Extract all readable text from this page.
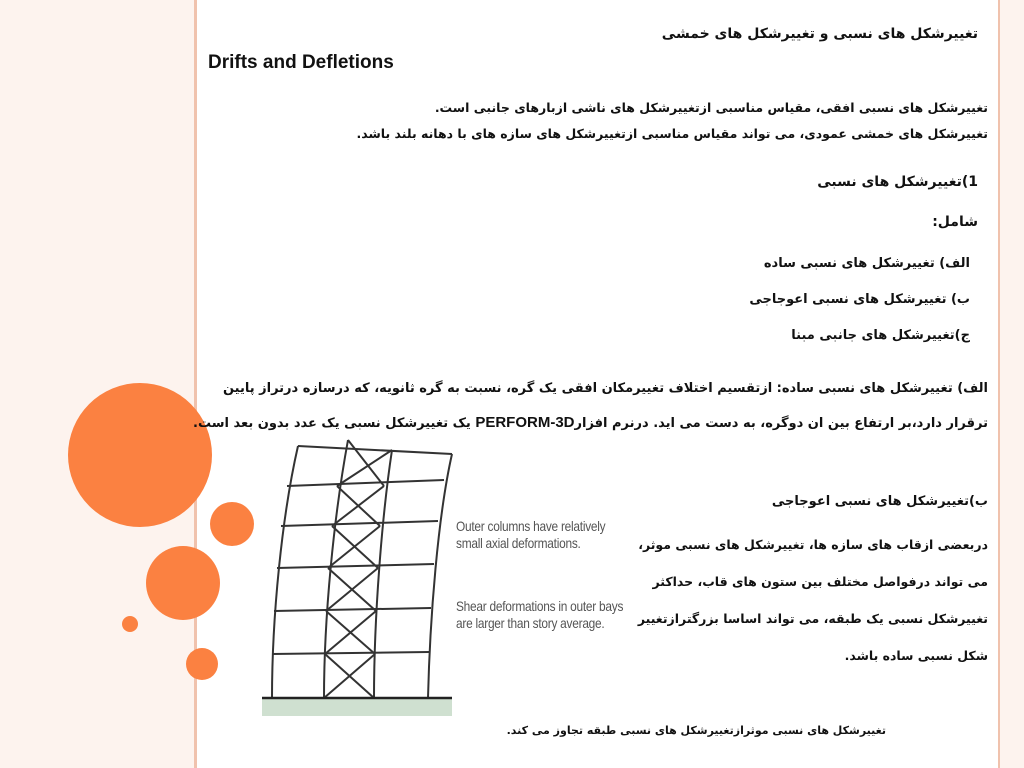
تغییرشکل های نسبی و تغییرشکل های خمشی
Drifts and Defletions
تغییرشکل های نسبی افقی، مقیاس مناسبی ازتغییرشکل های ناشی ازبارهای جانبی است.
تغییرشکل های خمشی عمودی، می تواند مقیاس مناسبی ازتغییرشکل های سازه های با دهانه بلند باشد.
1)تغییرشکل های نسبی
شامل:
الف) تغییرشکل های نسبی ساده
ب) تغییرشکل های نسبی اعوجاجی
ج)تغییرشکل های جانبی مبنا
الف) تغییرشکل های نسبی ساده: ازتقسیم اختلاف تغییرمکان افقی یک گره، نسبت به گره ثانویه، که درسازه درتراز پایین ترقرار دارد،بر ارتفاع بین ان دوگره، به دست می اید. درنرم افزارPERFORM-3D یک تغییرشکل نسبی یک عدد بدون بعد است.
ب)تغییرشکل های نسبی اعوجاجی
دربعضی ازقاب های سازه ها، تغییرشکل های نسبی موثر،
می تواند درفواصل مختلف بین ستون های قاب، حداکثر
تغییرشکل نسبی یک طبقه، می تواند اساسا بزرگترازتغییر
شکل نسبی ساده باشد.
Outer columns have relatively
small axial deformations.
Shear deformations in outer bays
are larger than story average.
تغییرشکل های نسبی موثرازتغییرشکل های نسبی طبقه تجاوز می کند.
